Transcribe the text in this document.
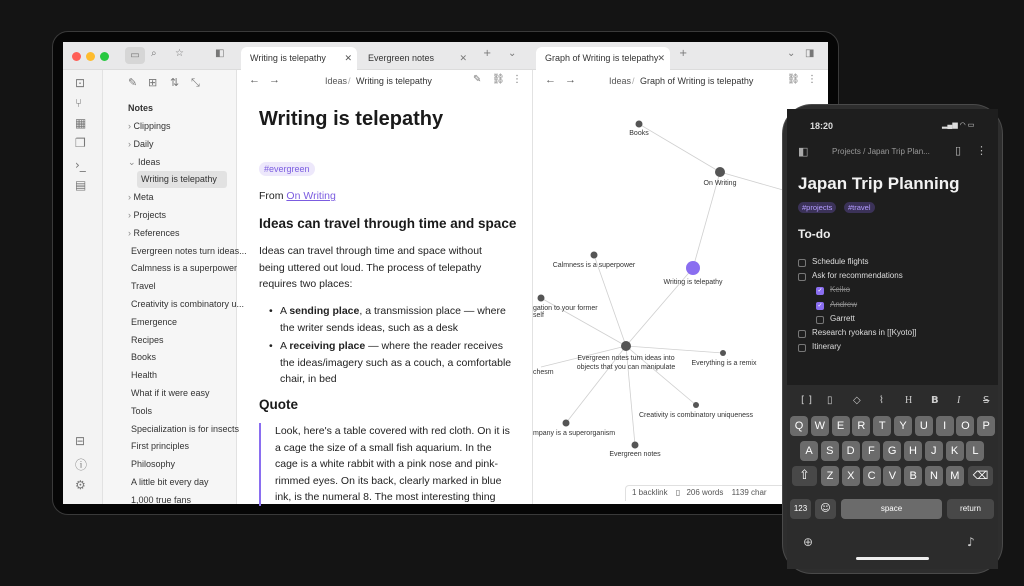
▭	⌕ ☆	◧	Writing is telepathy ✕	Evergreen notes	✕ + ⌄	Graph of Writing is telepathy ✕ +	⌄ ◨
⊡
⑂
▦
❐
›_
▤
⊟
ⓘ
⚙
✎ ⊞ ⇅ ⤡
Notes
› Clippings
› Daily
⌄ Ideas
Writing is telepathy
› Meta
› Projects
› References
Evergreen notes turn ideas...
Calmness is a superpower
Travel
Creativity is combinatory u...
Emergence
Recipes
Books
Health
What if it were easy
Tools
Specialization is for insects
First principles
Philosophy
A little bit every day
1,000 true fans
← →	Ideas / Writing is telepathy	✎ ⛓ ⋮
Writing is telepathy
#evergreen
From On Writing
Ideas can travel through time and space
Ideas can travel through time and space without being uttered out loud. The process of telepathy requires two places:
• A sending place, a transmission place — where the writer sends ideas, such as a desk
• A receiving place — where the reader receives the ideas/imagery such as a couch, a comfortable chair, in bed
Quote
Look, here's a table covered with red cloth. On it is a cage the size of a small fish aquarium. In the cage is a white rabbit with a pink nose and pink-rimmed eyes. On its back, clearly marked in blue ink, is the numeral 8. The most interesting thing
← →	Ideas / Graph of Writing is telepathy	⛓ ⋮
Books
On Writing
Calmness is a superpower
Writing is telepathy
gation to your former self
Evergreen notes turn ideas into objects that you can manipulate
Everything is a remix
chesm
Creativity is combinatory uniqueness
mpany is a superorganism
Evergreen notes
1 backlink ▯ 206 words 1139 char
18:20	▂▄▆ ◠ ▭
◧	Projects / Japan Trip Plan... ▯ ⋮
Japan Trip Planning
#projects	#travel
To-do
Schedule flights
Ask for recommendations
✓ Keiko
✓ Andrew
Garrett
Research ryokans in [[Kyoto]]
Itinerary
[ ] ▯ ◇ ⌇ H B I S
Q	W	E	R	T	Y	U	I	O	P
A	S	D	F	G	H	J	K	L
Z	X	C	V	B	N	M
⇧	⌫
123	☺	space	return
⊕	♪
